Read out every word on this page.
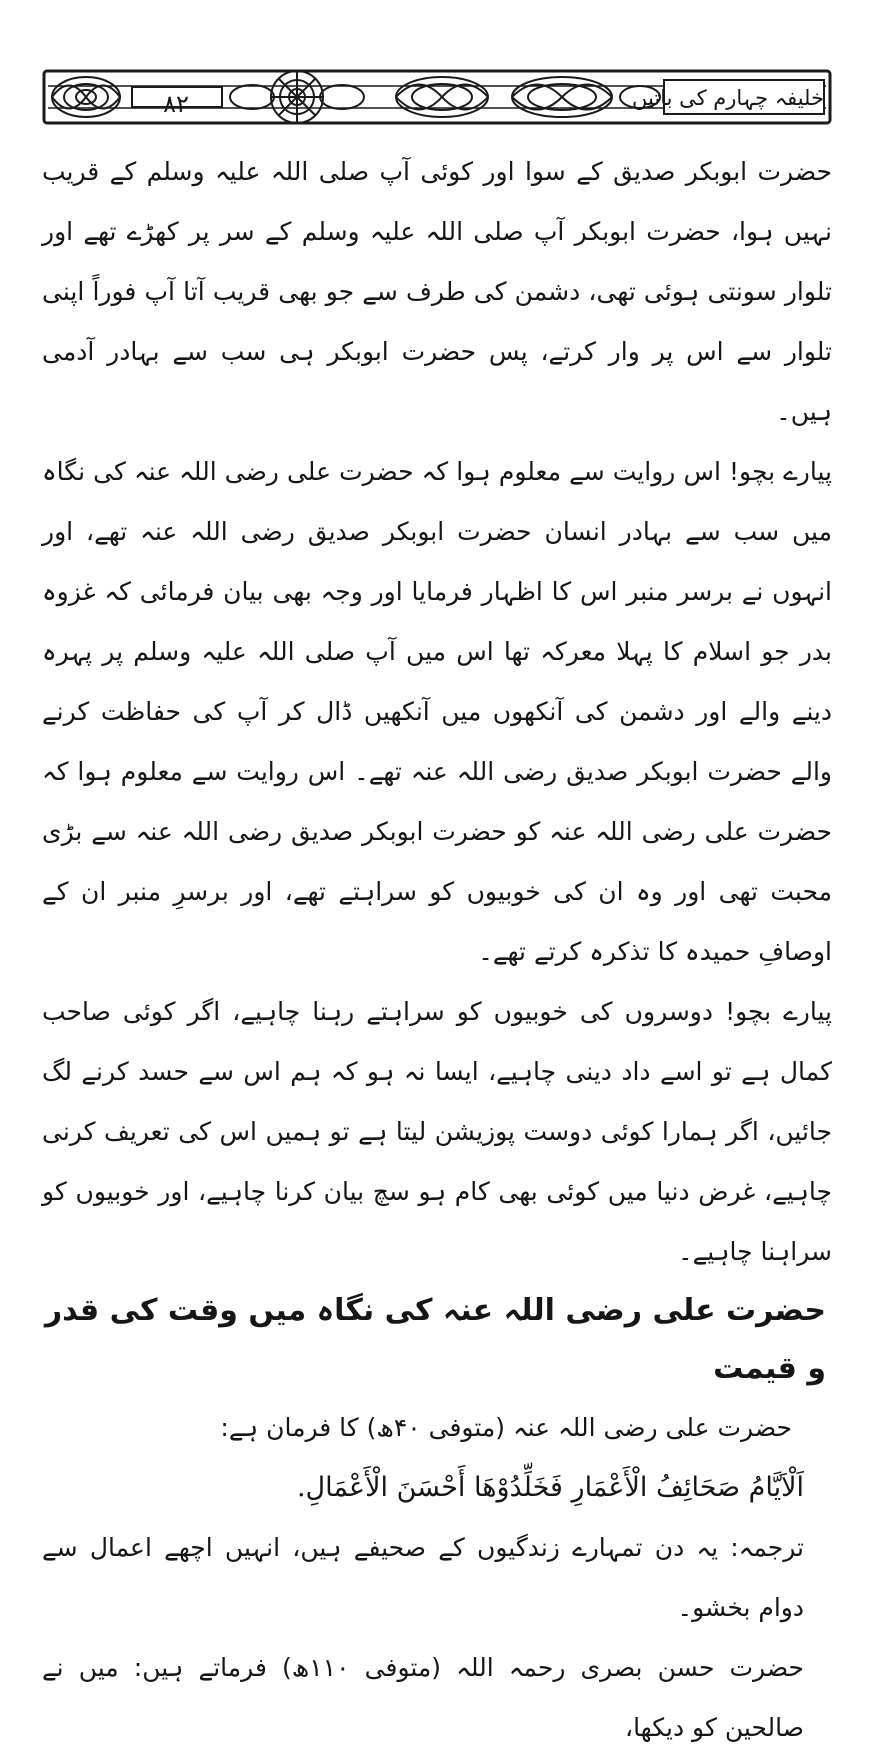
۸۲	خلیفہ چہارم کی باتیں

حضرت ابوبکر صدیق کے سوا اور کوئی آپ صلی اللہ علیہ وسلم کے قریب نہیں ہوا، حضرت ابوبکر آپ صلی اللہ علیہ وسلم کے سر پر کھڑے تھے اور تلوار سونتی ہوئی تھی، دشمن کی طرف سے جو بھی قریب آتا آپ فوراً اپنی تلوار سے اس پر وار کرتے، پس حضرت ابوبکر ہی سب سے بہادر آدمی ہیں۔

پیارے بچو! اس روایت سے معلوم ہوا کہ حضرت علی رضی اللہ عنہ کی نگاہ میں سب سے بہادر انسان حضرت ابوبکر صدیق رضی اللہ عنہ تھے، اور انہوں نے برسر منبر اس کا اظہار فرمایا اور وجہ بھی بیان فرمائی کہ غزوہ بدر جو اسلام کا پہلا معرکہ تھا اس میں آپ صلی اللہ علیہ وسلم پر پہرہ دینے والے اور دشمن کی آنکھوں میں آنکھیں ڈال کر آپ کی حفاظت کرنے والے حضرت ابوبکر صدیق رضی اللہ عنہ تھے۔ اس روایت سے معلوم ہوا کہ حضرت علی رضی اللہ عنہ کو حضرت ابوبکر صدیق رضی اللہ عنہ سے بڑی محبت تھی اور وہ ان کی خوبیوں کو سراہتے تھے، اور برسرِ منبر ان کے اوصافِ حمیدہ کا تذکرہ کرتے تھے۔

پیارے بچو! دوسروں کی خوبیوں کو سراہتے رہنا چاہیے، اگر کوئی صاحب کمال ہے تو اسے داد دینی چاہیے، ایسا نہ ہو کہ ہم اس سے حسد کرنے لگ جائیں، اگر ہمارا کوئی دوست پوزیشن لیتا ہے تو ہمیں اس کی تعریف کرنی چاہیے، غرض دنیا میں کوئی بھی کام ہو سچ بیان کرنا چاہیے، اور خوبیوں کو سراہنا چاہیے۔

حضرت علی رضی اللہ عنہ کی نگاہ میں وقت کی قدر و قیمت

حضرت علی رضی اللہ عنہ (متوفی ۴۰ھ) کا فرمان ہے:

اَلْاَیَّامُ صَحَائِفُ الْأَعْمَارِ فَخَلِّدُوْهَا أَحْسَنَ الْأَعْمَالِ.

ترجمہ: یہ دن تمہارے زندگیوں کے صحیفے ہیں، انہیں اچھے اعمال سے دوام بخشو۔

حضرت حسن بصری رحمہ اللہ (متوفی ۱۱۰ھ) فرماتے ہیں: میں نے صالحین کو دیکھا،
